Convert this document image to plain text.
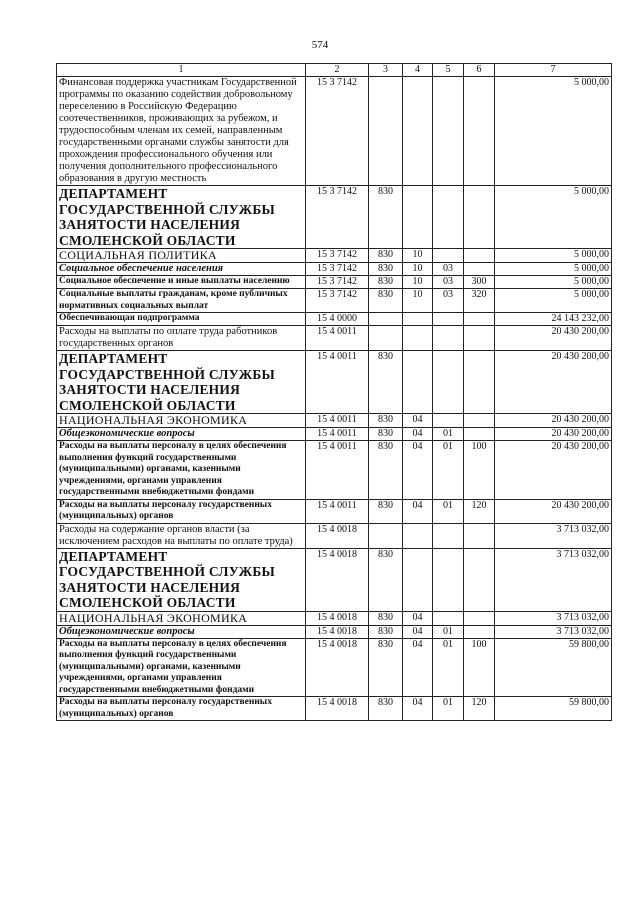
574
1	2	3	4	5	6	7
Финансовая поддержка участникам Государственной программы по оказанию содействия добровольному переселению в Российскую Федерацию соотечественников, проживающих за рубежом, и трудоспособным членам их семей, направленным государственными органами службы занятости для прохождения профессионального обучения или получения дополнительного профессионального образования в другую местность	15 3 7142					5 000,00
ДЕПАРТАМЕНТ ГОСУДАРСТВЕННОЙ СЛУЖБЫ ЗАНЯТОСТИ НАСЕЛЕНИЯ СМОЛЕНСКОЙ ОБЛАСТИ	15 3 7142	830				5 000,00
СОЦИАЛЬНАЯ ПОЛИТИКА	15 3 7142	830	10			5 000,00
Социальное обеспечение населения	15 3 7142	830	10	03		5 000,00
Социальное обеспечение и иные выплаты населению	15 3 7142	830	10	03	300	5 000,00
Социальные выплаты гражданам, кроме публичных нормативных социальных выплат	15 3 7142	830	10	03	320	5 000,00
Обеспечивающая подпрограмма	15 4 0000					24 143 232,00
Расходы на выплаты по оплате труда работников государственных органов	15 4 0011					20 430 200,00
ДЕПАРТАМЕНТ ГОСУДАРСТВЕННОЙ СЛУЖБЫ ЗАНЯТОСТИ НАСЕЛЕНИЯ СМОЛЕНСКОЙ ОБЛАСТИ	15 4 0011	830				20 430 200,00
НАЦИОНАЛЬНАЯ ЭКОНОМИКА	15 4 0011	830	04			20 430 200,00
Общеэкономические вопросы	15 4 0011	830	04	01		20 430 200,00
Расходы на выплаты персоналу в целях обеспечения выполнения функций государственными (муниципальными) органами, казенными учреждениями, органами управления государственными внебюджетными фондами	15 4 0011	830	04	01	100	20 430 200,00
Расходы на выплаты персоналу государственных (муниципальных) органов	15 4 0011	830	04	01	120	20 430 200,00
Расходы на содержание органов власти (за исключением расходов на выплаты по оплате труда)	15 4 0018					3 713 032,00
ДЕПАРТАМЕНТ ГОСУДАРСТВЕННОЙ СЛУЖБЫ ЗАНЯТОСТИ НАСЕЛЕНИЯ СМОЛЕНСКОЙ ОБЛАСТИ	15 4 0018	830				3 713 032,00
НАЦИОНАЛЬНАЯ ЭКОНОМИКА	15 4 0018	830	04			3 713 032,00
Общеэкономические вопросы	15 4 0018	830	04	01		3 713 032,00
Расходы на выплаты персоналу в целях обеспечения выполнения функций государственными (муниципальными) органами, казенными учреждениями, органами управления государственными внебюджетными фондами	15 4 0018	830	04	01	100	59 800,00
Расходы на выплаты персоналу государственных (муниципальных) органов	15 4 0018	830	04	01	120	59 800,00
